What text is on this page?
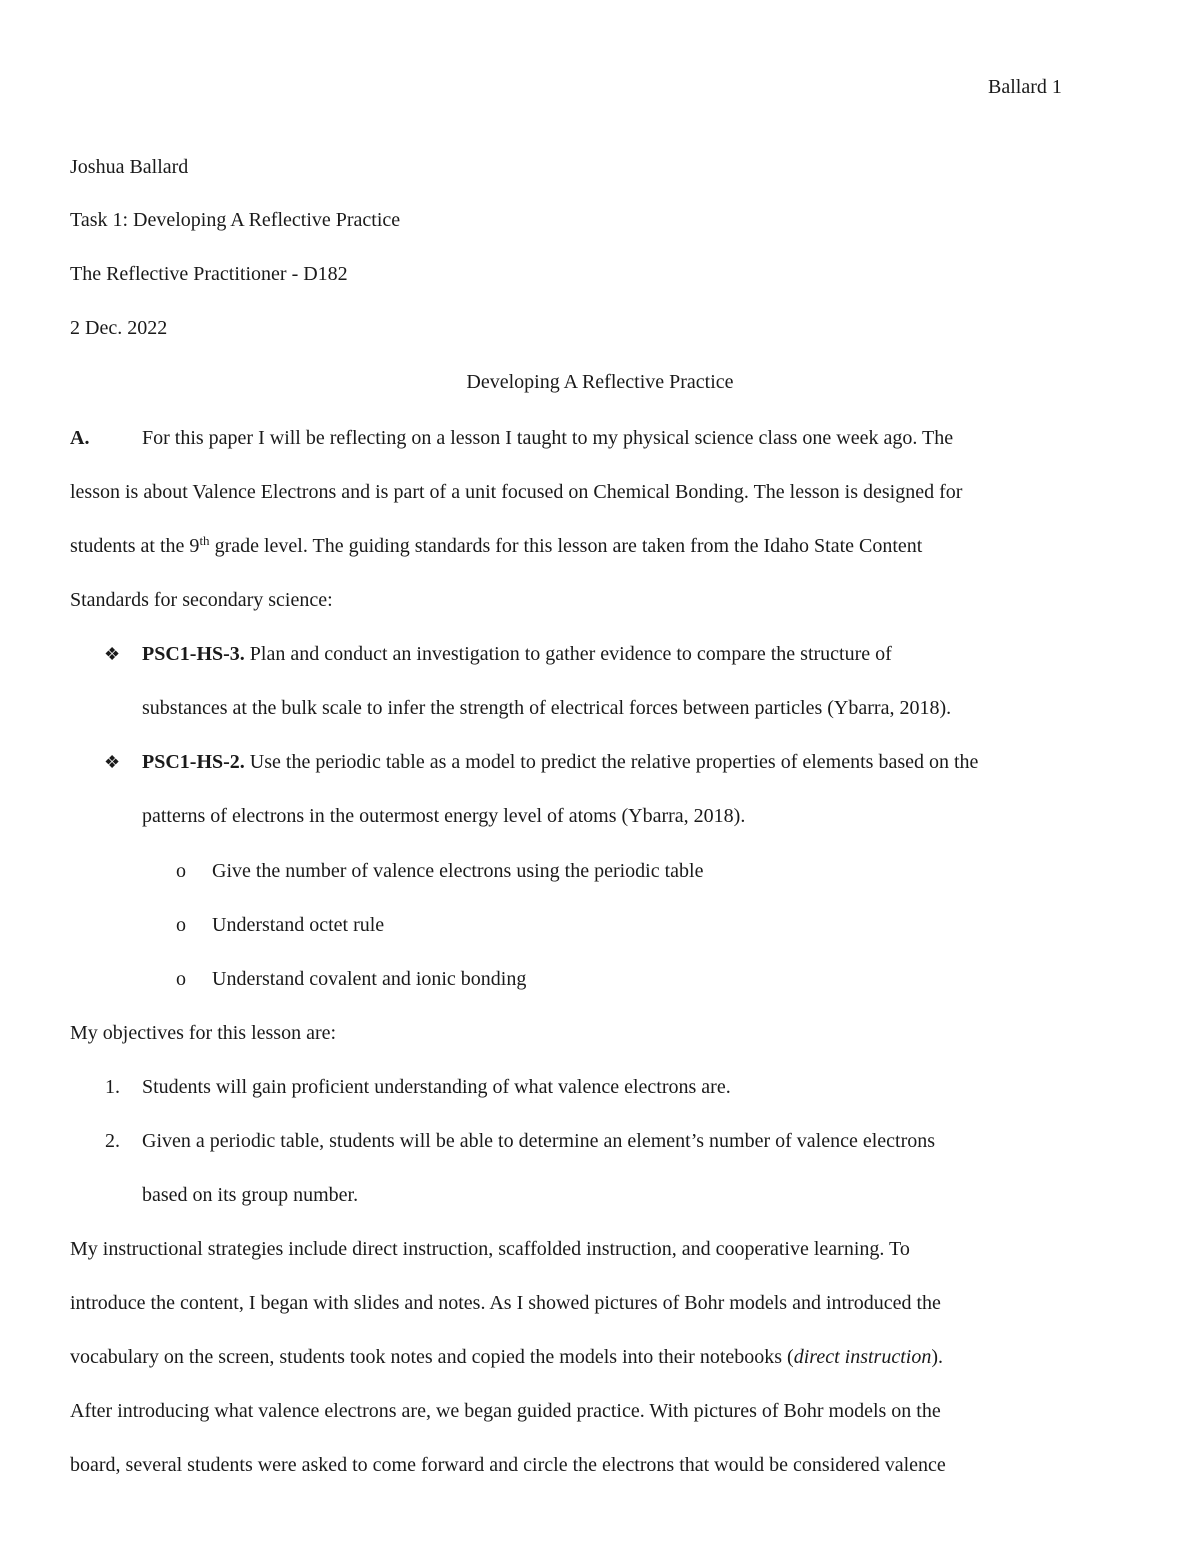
Ballard 1
Joshua Ballard
Task 1: Developing A Reflective Practice
The Reflective Practitioner - D182
2 Dec. 2022
Developing A Reflective Practice
A.	For this paper I will be reflecting on a lesson I taught to my physical science class one week ago. The
lesson is about Valence Electrons and is part of a unit focused on Chemical Bonding. The lesson is designed for
students at the 9th grade level. The guiding standards for this lesson are taken from the Idaho State Content
Standards for secondary science:
❖ PSC1-HS-3. Plan and conduct an investigation to gather evidence to compare the structure of
substances at the bulk scale to infer the strength of electrical forces between particles (Ybarra, 2018).
❖ PSC1-HS-2. Use the periodic table as a model to predict the relative properties of elements based on the
patterns of electrons in the outermost energy level of atoms (Ybarra, 2018).
o Give the number of valence electrons using the periodic table
o Understand octet rule
o Understand covalent and ionic bonding
My objectives for this lesson are:
1. Students will gain proficient understanding of what valence electrons are.
2. Given a periodic table, students will be able to determine an element’s number of valence electrons
based on its group number.
My instructional strategies include direct instruction, scaffolded instruction, and cooperative learning. To
introduce the content, I began with slides and notes. As I showed pictures of Bohr models and introduced the
vocabulary on the screen, students took notes and copied the models into their notebooks (direct instruction).
After introducing what valence electrons are, we began guided practice. With pictures of Bohr models on the
board, several students were asked to come forward and circle the electrons that would be considered valence
